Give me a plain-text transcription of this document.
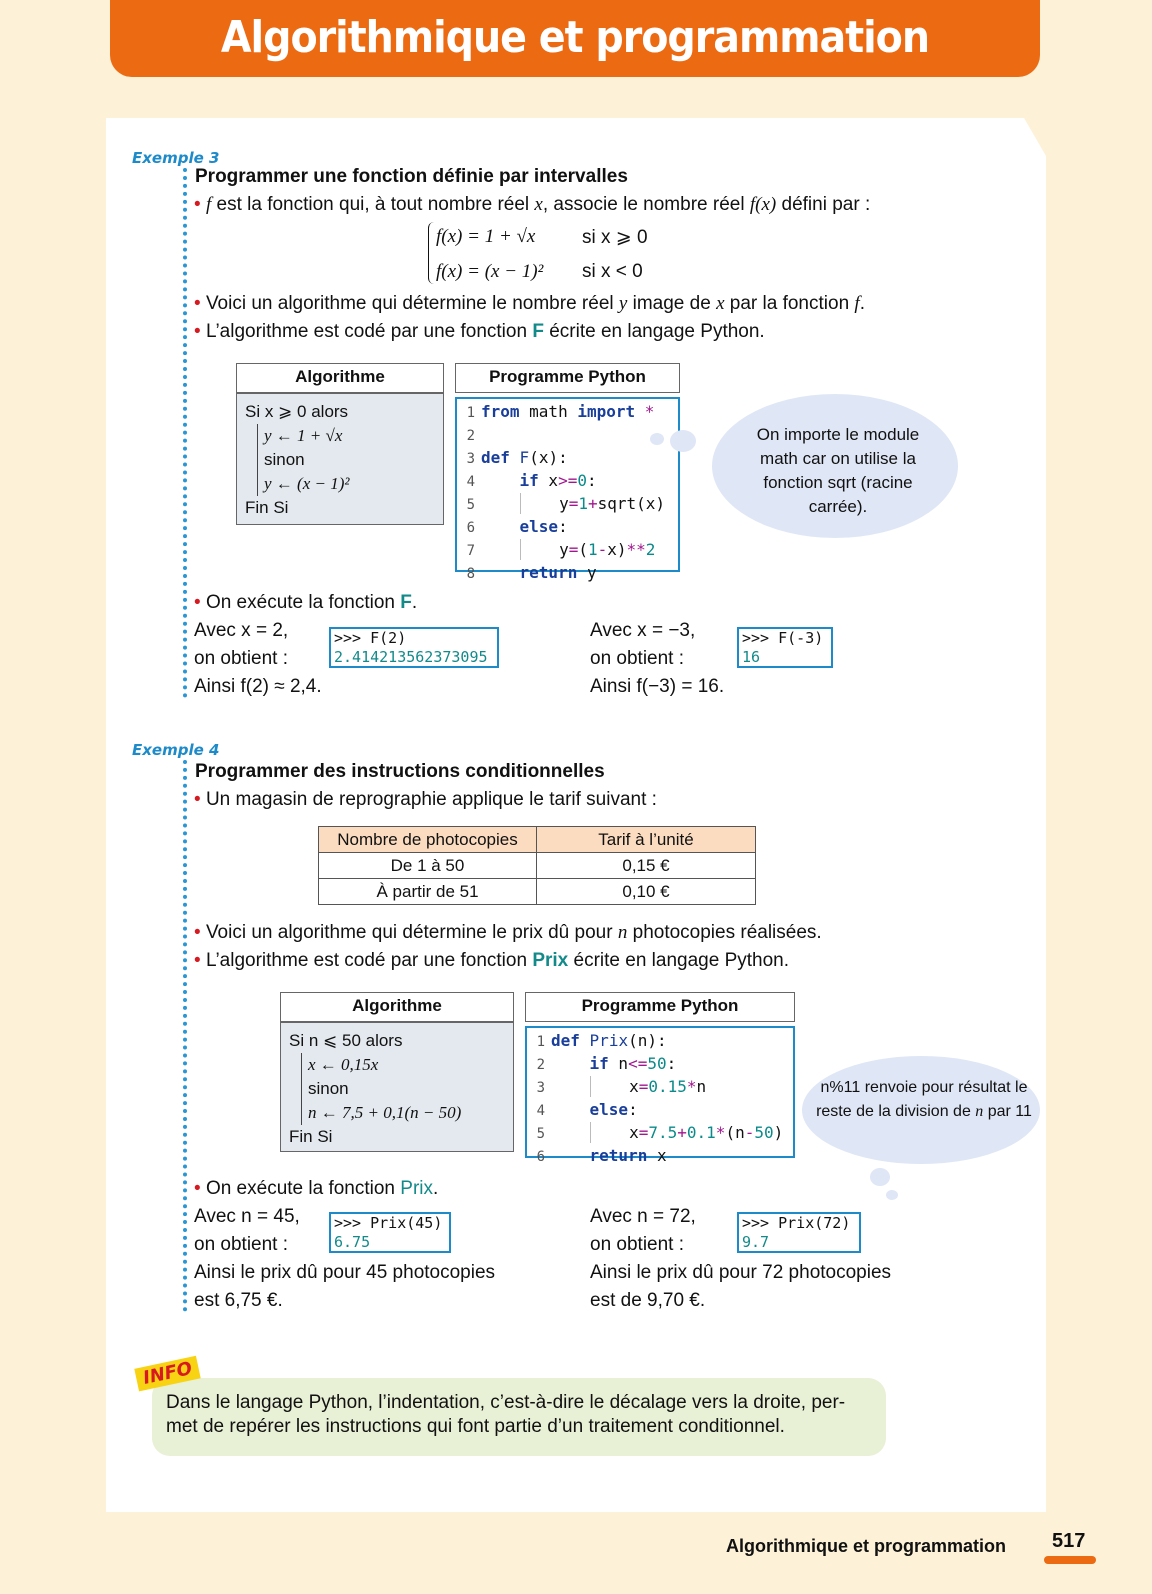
Algorithmique et programmation
Exemple 3
Programmer une fonction définie par intervalles
• f est la fonction qui, à tout nombre réel x, associe le nombre réel f(x) défini par :
f(x) = 1 + √x si x ⩾ 0
f(x) = (x − 1)² si x < 0
• Voici un algorithme qui détermine le nombre réel y image de x par la fonction f.
• L’algorithme est codé par une fonction F écrite en langage Python.
Algorithme
Si x ⩾ 0 alors
y ← 1 + √x
sinon
y ← (x − 1)²
Fin Si
Programme Python
1 from math import *
2
3 def F(x):
4	if x>=0:
5	y=1+sqrt(x)
6	else:
7	y=(1-x)**2
8	return y
On importe le module math car on utilise la fonction sqrt (racine carrée).
• On exécute la fonction F.
Avec x = 2,
on obtient :
Ainsi f(2) ≈ 2,4.
>>> F(2)
2.414213562373095
Avec x = −3,
on obtient :
Ainsi f(−3) = 16.
>>> F(-3)
16
Exemple 4
Programmer des instructions conditionnelles
• Un magasin de reprographie applique le tarif suivant :
Nombre de photocopies	Tarif à l’unité
De 1 à 50	0,15 €
À partir de 51	0,10 €
• Voici un algorithme qui détermine le prix dû pour n photocopies réalisées.
• L’algorithme est codé par une fonction Prix écrite en langage Python.
Algorithme
Si n ⩽ 50 alors
x ← 0,15x
sinon
n ← 7,5 + 0,1(n − 50)
Fin Si
Programme Python
1 def Prix(n):
2	if n<=50:
3	x=0.15*n
4	else:
5	x=7.5+0.1*(n-50)
6	return x
n%11 renvoie pour résultat le reste de la division de n par 11
• On exécute la fonction Prix.
Avec n = 45,
on obtient :
Ainsi le prix dû pour 45 photocopies
est 6,75 €.
>>> Prix(45)
6.75
Avec n = 72,
on obtient :
Ainsi le prix dû pour 72 photocopies
est de 9,70 €.
>>> Prix(72)
9.7
INFO
Dans le langage Python, l’indentation, c’est-à-dire le décalage vers la droite, per-met de repérer les instructions qui font partie d’un traitement conditionnel.
Algorithmique et programmation 517
